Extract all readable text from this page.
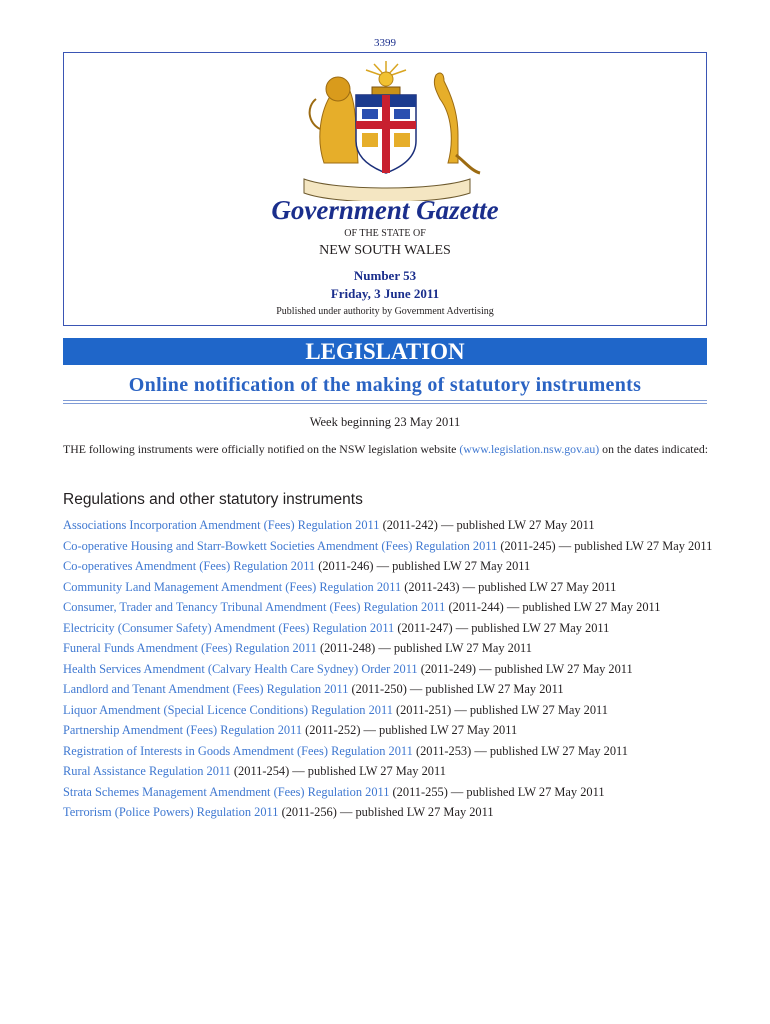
3399
Government Gazette
OF THE STATE OF
NEW SOUTH WALES
Number 53
Friday, 3 June 2011
Published under authority by Government Advertising
LEGISLATION
Online notification of the making of statutory instruments
Week beginning 23 May 2011
THE following instruments were officially notified on the NSW legislation website (www.legislation.nsw.gov.au) on the dates indicated:
Regulations and other statutory instruments
Associations Incorporation Amendment (Fees) Regulation 2011 (2011-242) — published LW 27 May 2011
Co-operative Housing and Starr-Bowkett Societies Amendment (Fees) Regulation 2011 (2011-245) — published LW 27 May 2011
Co-operatives Amendment (Fees) Regulation 2011 (2011-246) — published LW 27 May 2011
Community Land Management Amendment (Fees) Regulation 2011 (2011-243) — published LW 27 May 2011
Consumer, Trader and Tenancy Tribunal Amendment (Fees) Regulation 2011 (2011-244) — published LW 27 May 2011
Electricity (Consumer Safety) Amendment (Fees) Regulation 2011 (2011-247) — published LW 27 May 2011
Funeral Funds Amendment (Fees) Regulation 2011 (2011-248) — published LW 27 May 2011
Health Services Amendment (Calvary Health Care Sydney) Order 2011 (2011-249) — published LW 27 May 2011
Landlord and Tenant Amendment (Fees) Regulation 2011 (2011-250) — published LW 27 May 2011
Liquor Amendment (Special Licence Conditions) Regulation 2011 (2011-251) — published LW 27 May 2011
Partnership Amendment (Fees) Regulation 2011 (2011-252) — published LW 27 May 2011
Registration of Interests in Goods Amendment (Fees) Regulation 2011 (2011-253) — published LW 27 May 2011
Rural Assistance Regulation 2011 (2011-254) — published LW 27 May 2011
Strata Schemes Management Amendment (Fees) Regulation 2011 (2011-255) — published LW 27 May 2011
Terrorism (Police Powers) Regulation 2011 (2011-256) — published LW 27 May 2011
